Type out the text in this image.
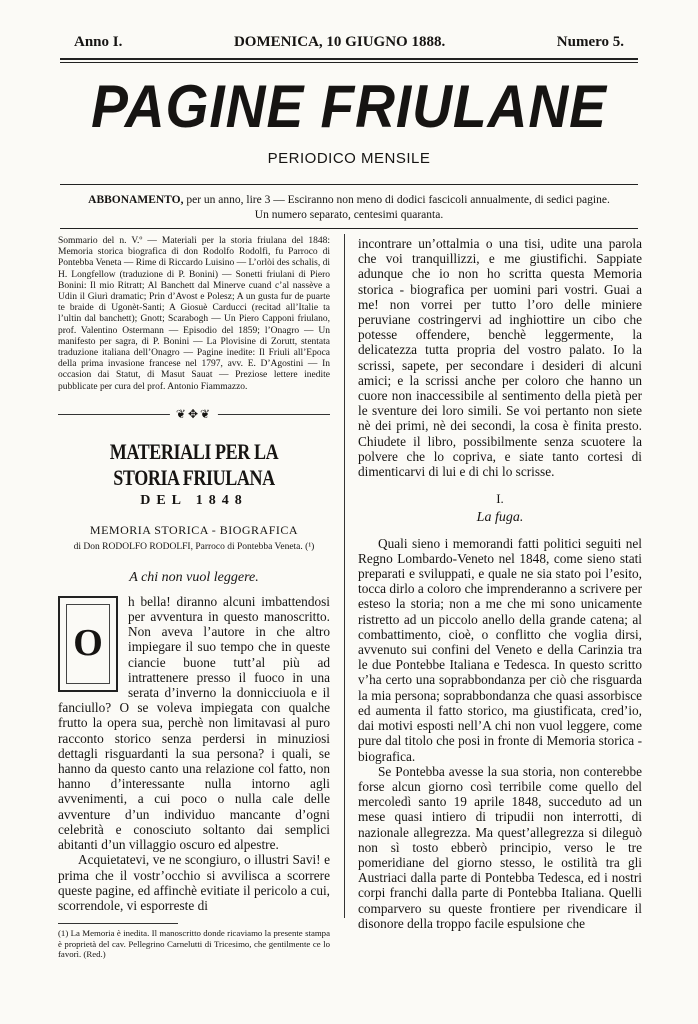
Anno I.	DOMENICA, 10 GIUGNO 1888.	Numero 5.
PAGINE FRIULANE
PERIODICO MENSILE
ABBONAMENTO, per un anno, lire 3 — Esciranno non meno di dodici fascicoli annualmente, di sedici pagine.
Un numero separato, centesimi quaranta.
Sommario del n. V.º — Materiali per la storia friulana del 1848: Memoria storica biografica di don Rodolfo Rodolfi, fu Parroco di Pontebba Veneta — Rime di Riccardo Luisino — L’orlòi des schalis, di H. Longfellow (traduzione di P. Bonini) — Sonetti friulani di Piero Bonini: Il mio Ritratt; Al Banchett dal Minerve cuand c’al nassève a Udin il Giurì dramatic; Prin d’Avost e Polesz; A un gusta fur de puarte te braide di Ugonèt-Santi; A Giosuè Carducci (recitad all’Italie ta l’ultin dal banchett); Gnott; Scarabogh — Un Piero Capponi friulano, prof. Valentino Ostermann — Episodio del 1859; l’Onagro — Un manifesto per sagra, di P. Bonini — La Plovisine di Zorutt, stentata traduzione italiana dell’Onagro — Pagine inedite: Il Friuli all’Epoca della prima invasione francese nel 1797, avv. E. D’Agostini — In occasion dai Statut, di Masut Sauat — Preziose lettere inedite pubblicate per cura del prof. Antonio Fiammazzo.
❦✥❦
MATERIALI PER LA STORIA FRIULANA
DEL 1848
MEMORIA STORICA - BIOGRAFICA
di Don RODOLFO RODOLFI, Parroco di Pontebba Veneta. (¹)
A chi non vuol leggere.
O

h bella! diranno alcuni imbattendosi per avventura in questo manoscritto. Non aveva l’autore in che altro impiegare il suo tempo che in queste ciancie buone tutt’al più ad intrattenere presso il fuoco in una serata d’inverno la donnicciuola e il fanciullo? O se voleva impiegata con qualche frutto la opera sua, perchè non limitavasi al puro racconto storico senza perdersi in minuziosi dettagli risguardanti la sua persona? i quali, se hanno da questo canto una relazione col fatto, non hanno d’interessante nulla intorno agli avvenimenti, a cui poco o nulla cale delle avventure d’un individuo mancante d’ogni celebrità e conosciuto soltanto dai semplici abitanti d’un villaggio oscuro ed alpestre.

Acquietatevi, ve ne scongiuro, o illustri Savi! e prima che il vostr’occhio si avvilisca a scorrere queste pagine, ed affinchè evitiate il pericolo a cui, scorrendole, vi esporreste di

(1) La Memoria è inedita. Il manoscritto donde ricaviamo la presente stampa è proprietà del cav. Pellegrino Carnelutti di Tricesimo, che gentilmente ce lo favorì. (Red.)

incontrare un’ottalmia o una tisi, udite una parola che voi tranquillizzi, e me giustifichi. Sappiate adunque che io non ho scritta questa Memoria storica - biografica per uomini pari vostri. Guai a me! non vorrei per tutto l’oro delle miniere peruviane costringervi ad inghiottire un cibo che potesse offendere, benchè leggermente, la delicatezza tutta propria del vostro palato. Io la scrissi, sapete, per secondare i desideri di alcuni amici; e la scrissi anche per coloro che hanno un cuore non inaccessibile al sentimento della pietà per le sventure dei loro simili. Se voi pertanto non siete nè dei primi, nè dei secondi, la cosa è finita presto. Chiudete il libro, possibilmente senza scuotere la polvere che lo copriva, e siate tanto cortesi di dimenticarvi di lui e di chi lo scrisse.

I.
La fuga.

Quali sieno i memorandi fatti politici seguiti nel Regno Lombardo-Veneto nel 1848, come sieno stati preparati e sviluppati, e quale ne sia stato poi l’esito, tocca dirlo a coloro che imprenderanno a scrivere per esteso la storia; non a me che mi sono unicamente ristretto ad un piccolo anello della grande catena; al combattimento, cioè, o conflitto che voglia dirsi, avvenuto sui confini del Veneto e della Carinzia tra le due Pontebbe Italiana e Tedesca. In questo scritto v’ha certo una soprabbondanza per ciò che risguarda la mia persona; soprabbondanza che quasi assorbisce ed aumenta il fatto storico, ma giustificata, cred’io, dai motivi esposti nell’A chi non vuol leggere, come pure dal titolo che posi in fronte di Memoria storica - biografica.

Se Pontebba avesse la sua storia, non conterebbe forse alcun giorno così terribile come quello del mercoledì santo 19 aprile 1848, succeduto ad un mese quasi intiero di tripudii non interrotti, di nazionale allegrezza. Ma quest’allegrezza si dileguò non sì tosto ebberò principio, verso le tre pomeridiane del giorno stesso, le ostilità tra gli Austriaci dalla parte di Pontebba Tedesca, ed i nostri corpi franchi dalla parte di Pontebba Italiana. Quelli comparvero su queste frontiere per rivendicare il disonore della troppo facile espulsione che
